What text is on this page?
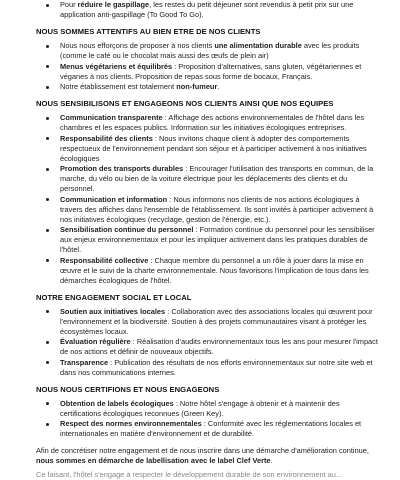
Pour réduire le gaspillage, les restes du petit déjeuner sont revendus à petit prix sur une application anti-gaspillage (To Good To Go).
NOUS SOMMES ATTENTIFS AU BIEN ETRE DE NOS CLIENTS
Nous nous efforçons de proposer à nos clients une alimentation durable avec les produits (comme le café ou le chocolat mais aussi des œufs de plein air)
Menus végétariens et équilibrés : Proposition d'alternatives, sans gluten, végétariennes et véganes à nos clients. Proposition de repas sous forme de bocaux, Français.
Notre établissement est totalement non-fumeur.
NOUS SENSIBILISONS ET ENGAGEONS NOS CLIENTS AINSI QUE NOS EQUIPES
Communication transparente : Affichage des actions environnementales de l'hôtel dans les chambres et les espaces publics. Information sur les initiatives écologiques entreprises.
Responsabilité des clients : Nous invitons chaque client à adopter des comportements respectueux de l'environnement pendant son séjour et à participer activement à nos initiatives écologiques
Promotion des transports durables : Encourager l'utilisation des transports en commun, de la marche, du vélo ou bien de la voiture électrique pour les déplacements des clients et du personnel.
Communication et information : Nous informons nos clients de nos actions écologiques à travers des affiches dans l'ensemble de l'établissement. Ils sont invités à participer activement à nos initiatives écologiques (recyclage, gestion de l'énergie, etc.).
Sensibilisation continue du personnel : Formation continue du personnel pour les sensibiliser aux enjeux environnementaux et pour les impliquer activement dans les pratiques durables de l'hôtel.
Responsabilité collective : Chaque membre du personnel a un rôle à jouer dans la mise en œuvre et le suivi de la charte environnementale. Nous favorisons l'implication de tous dans les démarches écologiques de l'hôtel.
NOTRE ENGAGEMENT SOCIAL ET LOCAL
Soutien aux initiatives locales : Collaboration avec des associations locales qui œuvrent pour l'environnement et la biodiversité. Soutien à des projets communautaires visant à protéger les écosystèmes locaux.
Évaluation régulière : Réalisation d'audits environnementaux tous les ans pour mesurer l'impact de nos actions et définir de nouveaux objectifs.
Transparence : Publication des résultats de nos efforts environnementaux sur notre site web et dans nos communications internes.
NOUS NOUS CERTIFIONS ET NOUS ENGAGEONS
Obtention de labels écologiques : Notre hôtel s'engage à obtenir et à maintenir des certifications écologiques reconnues (Green Key).
Respect des normes environnementales : Conformité avec les réglementations locales et internationales en matière d'environnement et de durabilité.

Afin de concrétiser notre engagement et de nous inscrire dans une démarche d'amélioration continue, nous sommes en démarche de labellisation avec le label Clef Verte.

Ce faisant, l'hôtel s'engage à respecter le développement durable de son environnement au...
